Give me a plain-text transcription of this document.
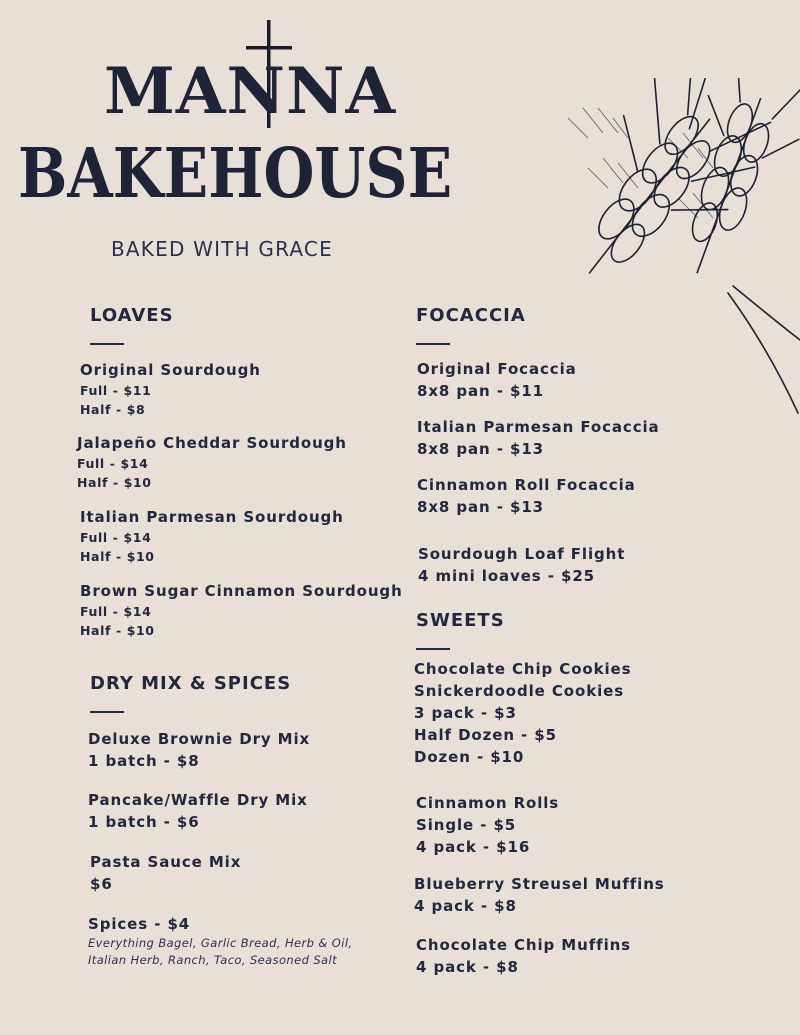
MANNA
BAKEHOUSE
BAKED WITH GRACE
LOAVES
Original Sourdough
Full - $11
Half - $8
Jalapeño Cheddar Sourdough
Full - $14
Half - $10
Italian Parmesan Sourdough
Full - $14
Half - $10
Brown Sugar Cinnamon Sourdough
Full - $14
Half - $10
DRY MIX & SPICES
Deluxe Brownie Dry Mix
1 batch - $8
Pancake/Waffle Dry Mix
1 batch - $6
Pasta Sauce Mix
$6
Spices - $4
Everything Bagel, Garlic Bread, Herb & Oil,
Italian Herb, Ranch, Taco, Seasoned Salt
FOCACCIA
Original Focaccia
8x8 pan - $11
Italian Parmesan Focaccia
8x8 pan - $13
Cinnamon Roll Focaccia
8x8 pan - $13
Sourdough Loaf Flight
4 mini loaves - $25
SWEETS
Chocolate Chip Cookies
Snickerdoodle Cookies
3 pack - $3
Half Dozen - $5
Dozen - $10
Cinnamon Rolls
Single - $5
4 pack - $16
Blueberry Streusel Muffins
4 pack - $8
Chocolate Chip Muffins
4 pack - $8
